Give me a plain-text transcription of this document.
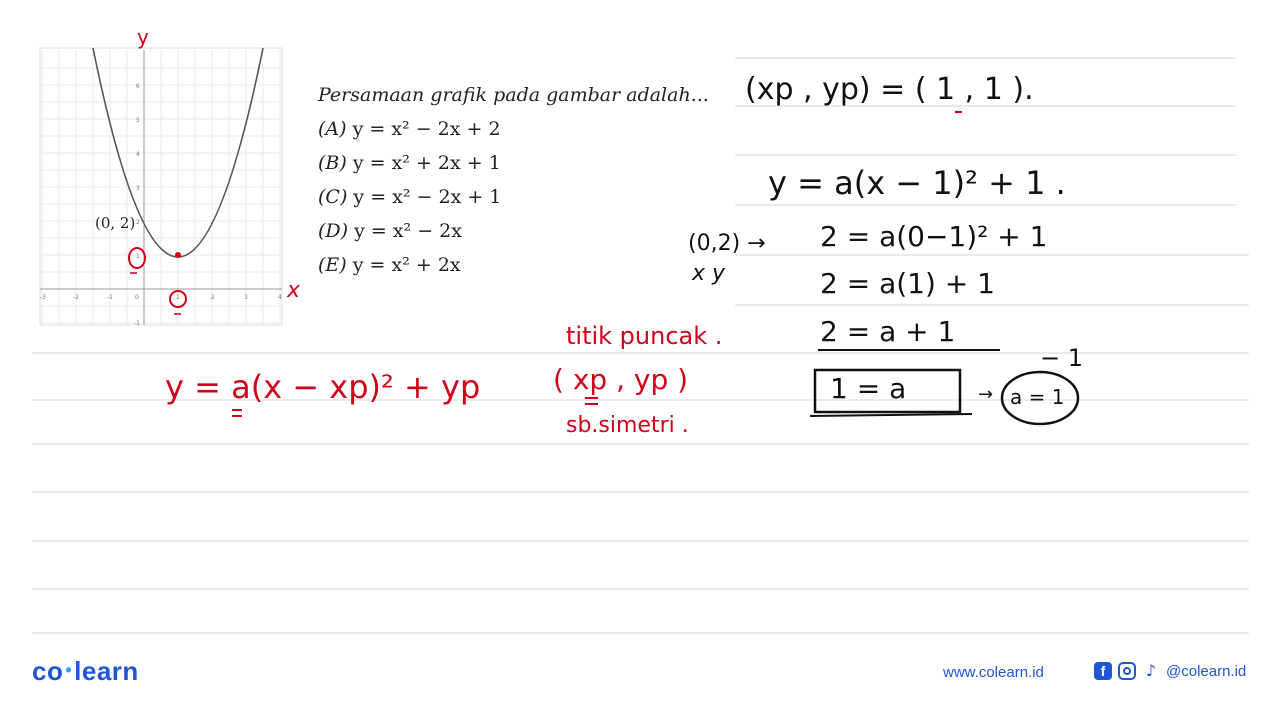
-3	-2	-1	0	1	2	3	4
-1
1
2
3
4
5
6
(0, 2)
y
x
Persamaan grafik pada gambar adalah...
(A) y = x² − 2x + 2
(B) y = x² + 2x + 1
(C) y = x² − 2x + 1
(D) y = x² − 2x
(E) y = x² + 2x
(xp , yp) = ( 1 , 1 ).
y = a(x − 1)² + 1 .
(0,2) →
x y
2 = a(0−1)² + 1
2 = a(1) + 1
2 = a + 1
− 1
1 = a	→ a = 1
y = a(x − xp)² + yp
titik puncak .
( xp , yp )
sb.simetri .
co •learn	www.colearn.id	f	♪ @colearn.id
